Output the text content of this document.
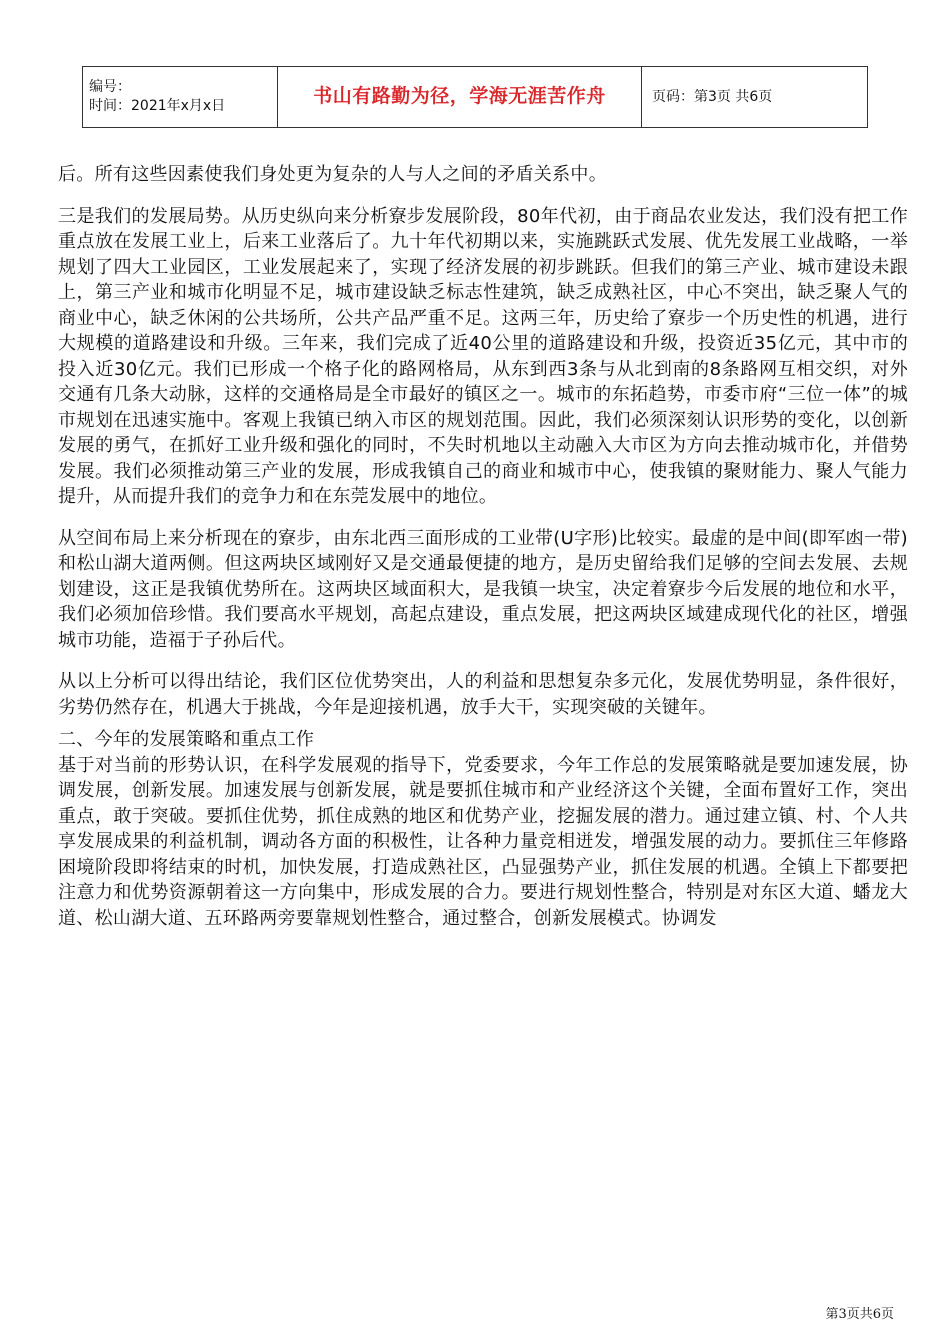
编号：
时间：2021年x月x日	书山有路勤为径，学海无涯苦作舟	页码：第3页 共6页

后。所有这些因素使我们身处更为复杂的人与人之间的矛盾关系中。

三是我们的发展局势。从历史纵向来分析寮步发展阶段，80年代初，由于商品农业发达，我们没有把工作重点放在发展工业上，后来工业落后了。九十年代初期以来，实施跳跃式发展、优先发展工业战略，一举规划了四大工业园区，工业发展起来了，实现了经济发展的初步跳跃。但我们的第三产业、城市建设未跟上，第三产业和城市化明显不足，城市建设缺乏标志性建筑，缺乏成熟社区，中心不突出，缺乏聚人气的商业中心，缺乏休闲的公共场所，公共产品严重不足。这两三年，历史给了寮步一个历史性的机遇，进行大规模的道路建设和升级。三年来，我们完成了近40公里的道路建设和升级，投资近35亿元，其中市的投入近30亿元。我们已形成一个格子化的路网格局，从东到西3条与从北到南的8条路网互相交织，对外交通有几条大动脉，这样的交通格局是全市最好的镇区之一。城市的东拓趋势，市委市府“三位一体”的城市规划在迅速实施中。客观上我镇已纳入市区的规划范围。因此，我们必须深刻认识形势的变化，以创新发展的勇气，在抓好工业升级和强化的同时，不失时机地以主动融入大市区为方向去推动城市化，并借势发展。我们必须推动第三产业的发展，形成我镇自己的商业和城市中心，使我镇的聚财能力、聚人气能力提升，从而提升我们的竞争力和在东莞发展中的地位。

从空间布局上来分析现在的寮步，由东北西三面形成的工业带(U字形)比较实。最虚的是中间(即军凼一带)和松山湖大道两侧。但这两块区域刚好又是交通最便捷的地方，是历史留给我们足够的空间去发展、去规划建设，这正是我镇优势所在。这两块区域面积大，是我镇一块宝，决定着寮步今后发展的地位和水平，我们必须加倍珍惜。我们要高水平规划，高起点建设，重点发展，把这两块区域建成现代化的社区，增强城市功能，造福于子孙后代。

从以上分析可以得出结论，我们区位优势突出，人的利益和思想复杂多元化，发展优势明显，条件很好，劣势仍然存在，机遇大于挑战，今年是迎接机遇，放手大干，实现突破的关键年。

二、今年的发展策略和重点工作

基于对当前的形势认识，在科学发展观的指导下，党委要求，今年工作总的发展策略就是要加速发展，协调发展，创新发展。加速发展与创新发展，就是要抓住城市和产业经济这个关键，全面布置好工作，突出重点，敢于突破。要抓住优势，抓住成熟的地区和优势产业，挖掘发展的潜力。通过建立镇、村、个人共享发展成果的利益机制，调动各方面的积极性，让各种力量竞相迸发，增强发展的动力。要抓住三年修路困境阶段即将结束的时机，加快发展，打造成熟社区，凸显强势产业，抓住发展的机遇。全镇上下都要把注意力和优势资源朝着这一方向集中，形成发展的合力。要进行规划性整合，特别是对东区大道、蟠龙大道、松山湖大道、五环路两旁要靠规划性整合，通过整合，创新发展模式。协调发

第3页共6页
